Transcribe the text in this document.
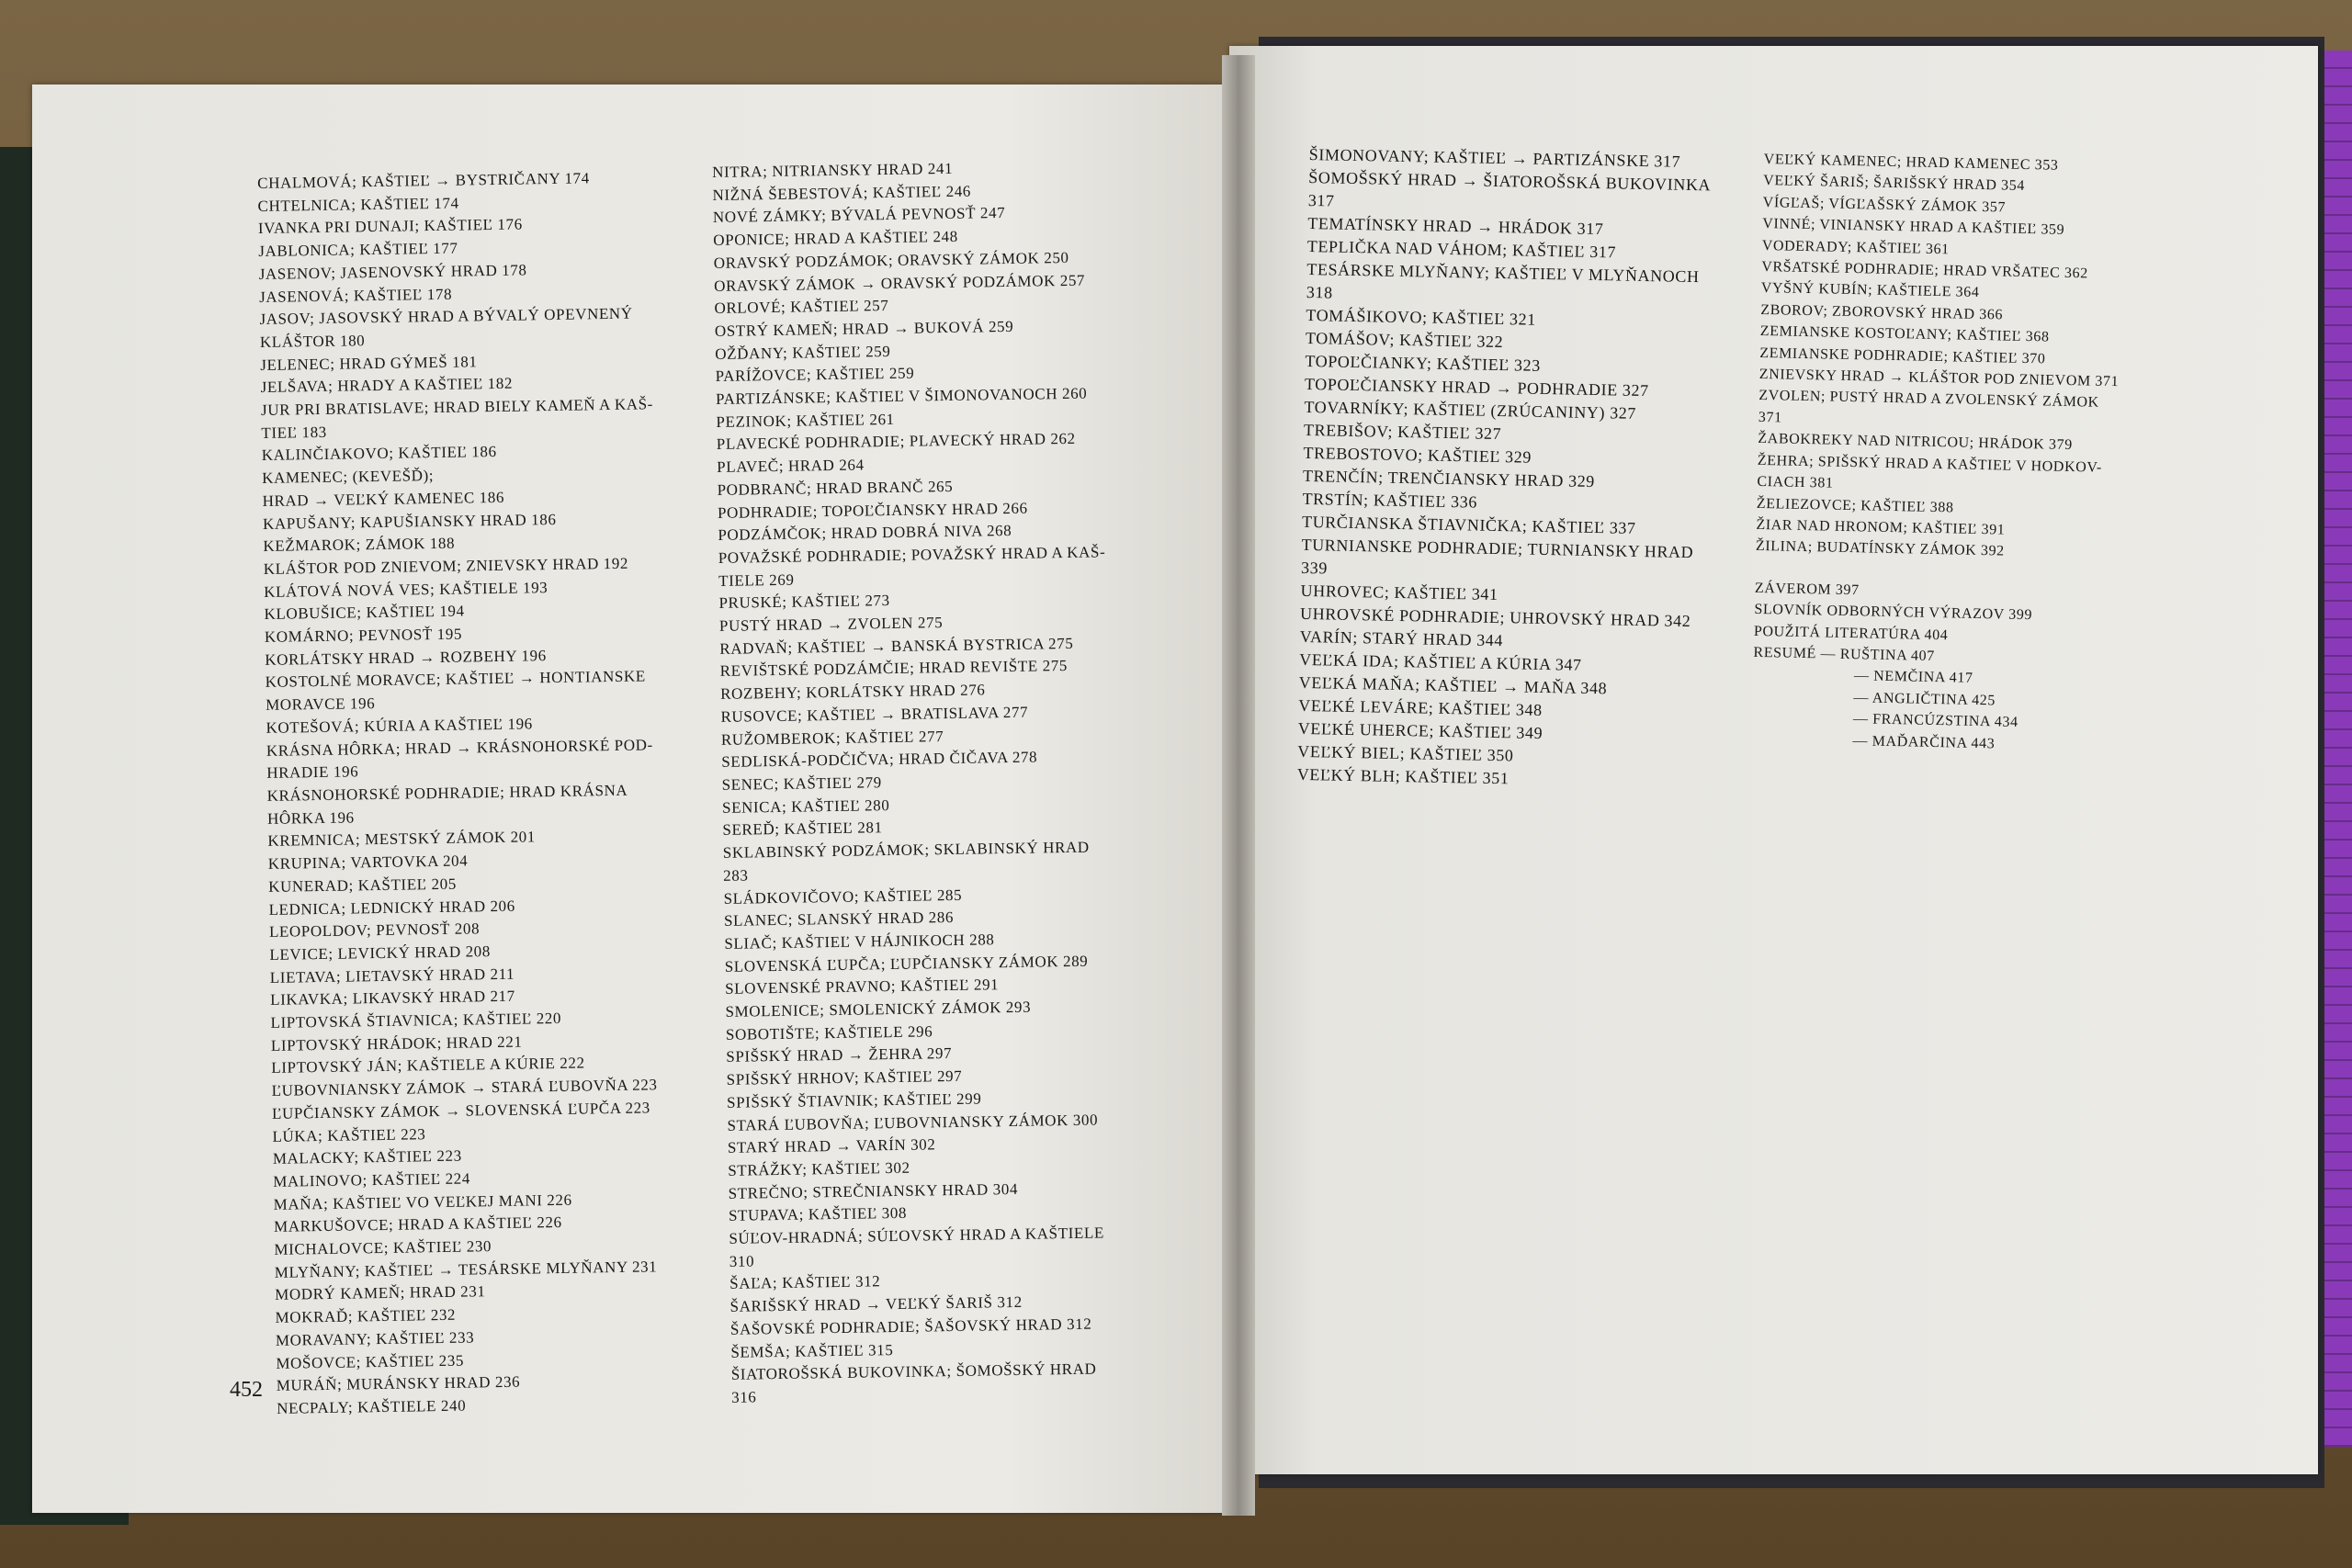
CHALMOVÁ; KAŠTIEĽ → BYSTRIČANY 174
CHTELNICA; KAŠTIEĽ 174
IVANKA PRI DUNAJI; KAŠTIEĽ 176
JABLONICA; KAŠTIEĽ 177
JASENOV; JASENOVSKÝ HRAD 178
JASENOVÁ; KAŠTIEĽ 178
JASOV; JASOVSKÝ HRAD A BÝVALÝ OPEVNENÝ
KLÁŠTOR 180
JELENEC; HRAD GÝMEŠ 181
JELŠAVA; HRADY A KAŠTIEĽ 182
JUR PRI BRATISLAVE; HRAD BIELY KAMEŇ A KAŠ-
TIEĽ 183
KALINČIAKOVO; KAŠTIEĽ 186
KAMENEC; (KEVEŠĎ);
HRAD → VEĽKÝ KAMENEC 186
KAPUŠANY; KAPUŠIANSKY HRAD 186
KEŽMAROK; ZÁMOK 188
KLÁŠTOR POD ZNIEVOM; ZNIEVSKY HRAD 192
KLÁTOVÁ NOVÁ VES; KAŠTIELE 193
KLOBUŠICE; KAŠTIEĽ 194
KOMÁRNO; PEVNOSŤ 195
KORLÁTSKY HRAD → ROZBEHY 196
KOSTOLNÉ MORAVCE; KAŠTIEĽ → HONTIANSKE
MORAVCE 196
KOTEŠOVÁ; KÚRIA A KAŠTIEĽ 196
KRÁSNA HÔRKA; HRAD → KRÁSNOHORSKÉ POD-
HRADIE 196
KRÁSNOHORSKÉ PODHRADIE; HRAD KRÁSNA
HÔRKA 196
KREMNICA; MESTSKÝ ZÁMOK 201
KRUPINA; VARTOVKA 204
KUNERAD; KAŠTIEĽ 205
LEDNICA; LEDNICKÝ HRAD 206
LEOPOLDOV; PEVNOSŤ 208
LEVICE; LEVICKÝ HRAD 208
LIETAVA; LIETAVSKÝ HRAD 211
LIKAVKA; LIKAVSKÝ HRAD 217
LIPTOVSKÁ ŠTIAVNICA; KAŠTIEĽ 220
LIPTOVSKÝ HRÁDOK; HRAD 221
LIPTOVSKÝ JÁN; KAŠTIELE A KÚRIE 222
ĽUBOVNIANSKY ZÁMOK → STARÁ ĽUBOVŇA 223
ĽUPČIANSKY ZÁMOK → SLOVENSKÁ ĽUPČA 223
LÚKA; KAŠTIEĽ 223
MALACKY; KAŠTIEĽ 223
MALINOVO; KAŠTIEĽ 224
MAŇA; KAŠTIEĽ VO VEĽKEJ MANI 226
MARKUŠOVCE; HRAD A KAŠTIEĽ 226
MICHALOVCE; KAŠTIEĽ 230
MLYŇANY; KAŠTIEĽ → TESÁRSKE MLYŇANY 231
MODRÝ KAMEŇ; HRAD 231
MOKRAĎ; KAŠTIEĽ 232
MORAVANY; KAŠTIEĽ 233
MOŠOVCE; KAŠTIEĽ 235
MURÁŇ; MURÁNSKY HRAD 236
NECPALY; KAŠTIELE 240
NITRA; NITRIANSKY HRAD 241
NIŽNÁ ŠEBESTOVÁ; KAŠTIEĽ 246
NOVÉ ZÁMKY; BÝVALÁ PEVNOSŤ 247
OPONICE; HRAD A KAŠTIEĽ 248
ORAVSKÝ PODZÁMOK; ORAVSKÝ ZÁMOK 250
ORAVSKÝ ZÁMOK → ORAVSKÝ PODZÁMOK 257
ORLOVÉ; KAŠTIEĽ 257
OSTRÝ KAMEŇ; HRAD → BUKOVÁ 259
OŽĎANY; KAŠTIEĽ 259
PARÍŽOVCE; KAŠTIEĽ 259
PARTIZÁNSKE; KAŠTIEĽ V ŠIMONOVANOCH 260
PEZINOK; KAŠTIEĽ 261
PLAVECKÉ PODHRADIE; PLAVECKÝ HRAD 262
PLAVEČ; HRAD 264
PODBRANČ; HRAD BRANČ 265
PODHRADIE; TOPOĽČIANSKY HRAD 266
PODZÁMČOK; HRAD DOBRÁ NIVA 268
POVAŽSKÉ PODHRADIE; POVAŽSKÝ HRAD A KAŠ-
TIELE 269
PRUSKÉ; KAŠTIEĽ 273
PUSTÝ HRAD → ZVOLEN 275
RADVAŇ; KAŠTIEĽ → BANSKÁ BYSTRICA 275
REVIŠTSKÉ PODZÁMČIE; HRAD REVIŠTE 275
ROZBEHY; KORLÁTSKY HRAD 276
RUSOVCE; KAŠTIEĽ → BRATISLAVA 277
RUŽOMBEROK; KAŠTIEĽ 277
SEDLISKÁ-PODČIČVA; HRAD ČIČAVA 278
SENEC; KAŠTIEĽ 279
SENICA; KAŠTIEĽ 280
SEREĎ; KAŠTIEĽ 281
SKLABINSKÝ PODZÁMOK; SKLABINSKÝ HRAD
283
SLÁDKOVIČOVO; KAŠTIEĽ 285
SLANEC; SLANSKÝ HRAD 286
SLIAČ; KAŠTIEĽ V HÁJNIKOCH 288
SLOVENSKÁ ĽUPČA; ĽUPČIANSKY ZÁMOK 289
SLOVENSKÉ PRAVNO; KAŠTIEĽ 291
SMOLENICE; SMOLENICKÝ ZÁMOK 293
SOBOTIŠTE; KAŠTIELE 296
SPIŠSKÝ HRAD → ŽEHRA 297
SPIŠSKÝ HRHOV; KAŠTIEĽ 297
SPIŠSKÝ ŠTIAVNIK; KAŠTIEĽ 299
STARÁ ĽUBOVŇA; ĽUBOVNIANSKY ZÁMOK 300
STARÝ HRAD → VARÍN 302
STRÁŽKY; KAŠTIEĽ 302
STREČNO; STREČNIANSKY HRAD 304
STUPAVA; KAŠTIEĽ 308
SÚĽOV-HRADNÁ; SÚĽOVSKÝ HRAD A KAŠTIELE
310
ŠAĽA; KAŠTIEĽ 312
ŠARIŠSKÝ HRAD → VEĽKÝ ŠARIŠ 312
ŠAŠOVSKÉ PODHRADIE; ŠAŠOVSKÝ HRAD 312
ŠEMŠA; KAŠTIEĽ 315
ŠIATOROŠSKÁ BUKOVINKA; ŠOMOŠSKÝ HRAD
316
ŠIMONOVANY; KAŠTIEĽ → PARTIZÁNSKE 317
ŠOMOŠSKÝ HRAD → ŠIATOROŠSKÁ BUKOVINKA
317
TEMATÍNSKY HRAD → HRÁDOK 317
TEPLIČKA NAD VÁHOM; KAŠTIEĽ 317
TESÁRSKE MLYŇANY; KAŠTIEĽ V MLYŇANOCH
318
TOMÁŠIKOVO; KAŠTIEĽ 321
TOMÁŠOV; KAŠTIEĽ 322
TOPOĽČIANKY; KAŠTIEĽ 323
TOPOĽČIANSKY HRAD → PODHRADIE 327
TOVARNÍKY; KAŠTIEĽ (ZRÚCANINY) 327
TREBIŠOV; KAŠTIEĽ 327
TREBOSTOVO; KAŠTIEĽ 329
TRENČÍN; TRENČIANSKY HRAD 329
TRSTÍN; KAŠTIEĽ 336
TURČIANSKA ŠTIAVNIČKA; KAŠTIEĽ 337
TURNIANSKE PODHRADIE; TURNIANSKY HRAD
339
UHROVEC; KAŠTIEĽ 341
UHROVSKÉ PODHRADIE; UHROVSKÝ HRAD 342
VARÍN; STARÝ HRAD 344
VEĽKÁ IDA; KAŠTIEĽ A KÚRIA 347
VEĽKÁ MAŇA; KAŠTIEĽ → MAŇA 348
VEĽKÉ LEVÁRE; KAŠTIEĽ 348
VEĽKÉ UHERCE; KAŠTIEĽ 349
VEĽKÝ BIEL; KAŠTIEĽ 350
VEĽKÝ BLH; KAŠTIEĽ 351
VEĽKÝ KAMENEC; HRAD KAMENEC 353
VEĽKÝ ŠARIŠ; ŠARIŠSKÝ HRAD 354
VÍGĽAŠ; VÍGĽAŠSKÝ ZÁMOK 357
VINNÉ; VINIANSKY HRAD A KAŠTIEĽ 359
VODERADY; KAŠTIEĽ 361
VRŠATSKÉ PODHRADIE; HRAD VRŠATEC 362
VYŠNÝ KUBÍN; KAŠTIELE 364
ZBOROV; ZBOROVSKÝ HRAD 366
ZEMIANSKE KOSTOĽANY; KAŠTIEĽ 368
ZEMIANSKE PODHRADIE; KAŠTIEĽ 370
ZNIEVSKY HRAD → KLÁŠTOR POD ZNIEVOM 371
ZVOLEN; PUSTÝ HRAD A ZVOLENSKÝ ZÁMOK
371
ŽABOKREKY NAD NITRICOU; HRÁDOK 379
ŽEHRA; SPIŠSKÝ HRAD A KAŠTIEĽ V HODKOV-
CIACH 381
ŽELIEZOVCE; KAŠTIEĽ 388
ŽIAR NAD HRONOM; KAŠTIEĽ 391
ŽILINA; BUDATÍNSKY ZÁMOK 392
ZÁVEROM 397
SLOVNÍK ODBORNÝCH VÝRAZOV 399
POUŽITÁ LITERATÚRA 404
RESUMÉ — RUŠTINA 407
— NEMČINA 417
— ANGLIČTINA 425
— FRANCÚZSTINA 434
— MAĎARČINA 443
452
